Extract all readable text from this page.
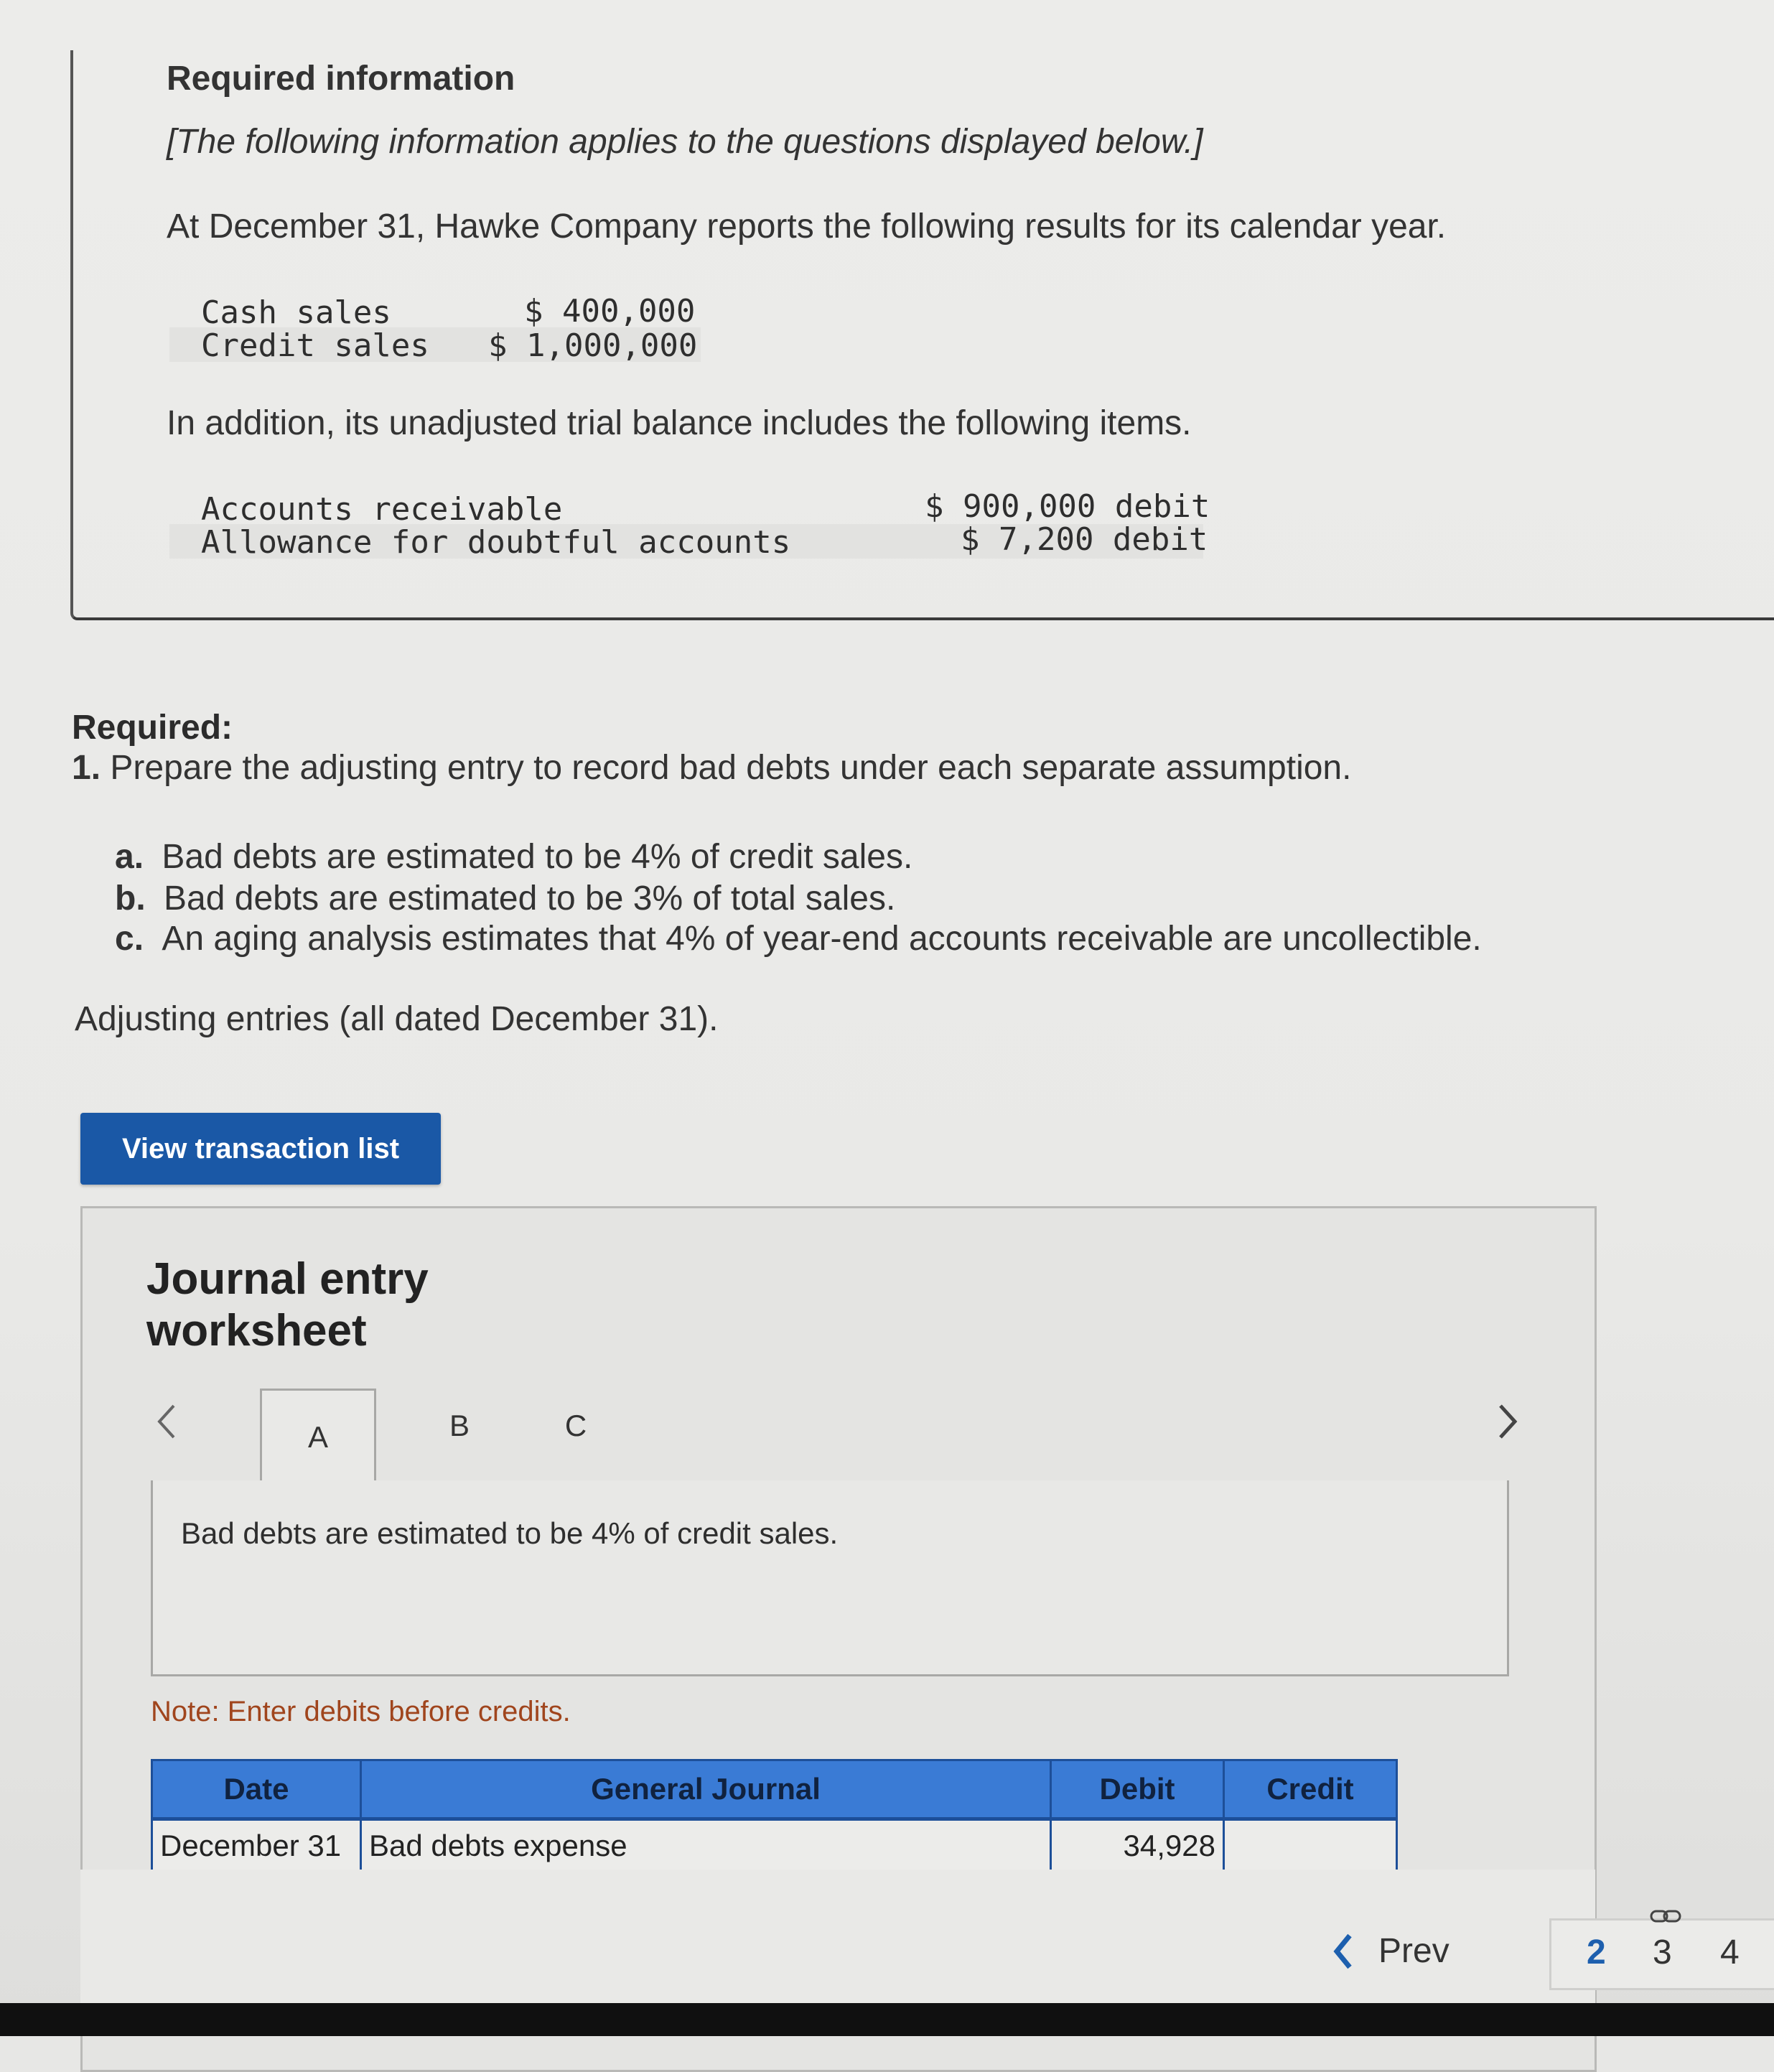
Required information
[The following information applies to the questions displayed below.]
At December 31, Hawke Company reports the following results for its calendar year.
Cash sales	$ 400,000
Credit sales $ 1,000,000
In addition, its unadjusted trial balance includes the following items.
Accounts receivable	$ 900,000 debit
Allowance for doubtful accounts	$ 7,200 debit
Required:
1. Prepare the adjusting entry to record bad debts under each separate assumption.
a. Bad debts are estimated to be 4% of credit sales.
b. Bad debts are estimated to be 3% of total sales.
c. An aging analysis estimates that 4% of year-end accounts receivable are uncollectible.
Adjusting entries (all dated December 31).
View transaction list
Journal entry
worksheet
A	B	C
Bad debts are estimated to be 4% of credit sales.
Note: Enter debits before credits.
Date	General Journal	Debit	Credit
December 31	Bad debts expense	34,928	
Prev	2 3 4
